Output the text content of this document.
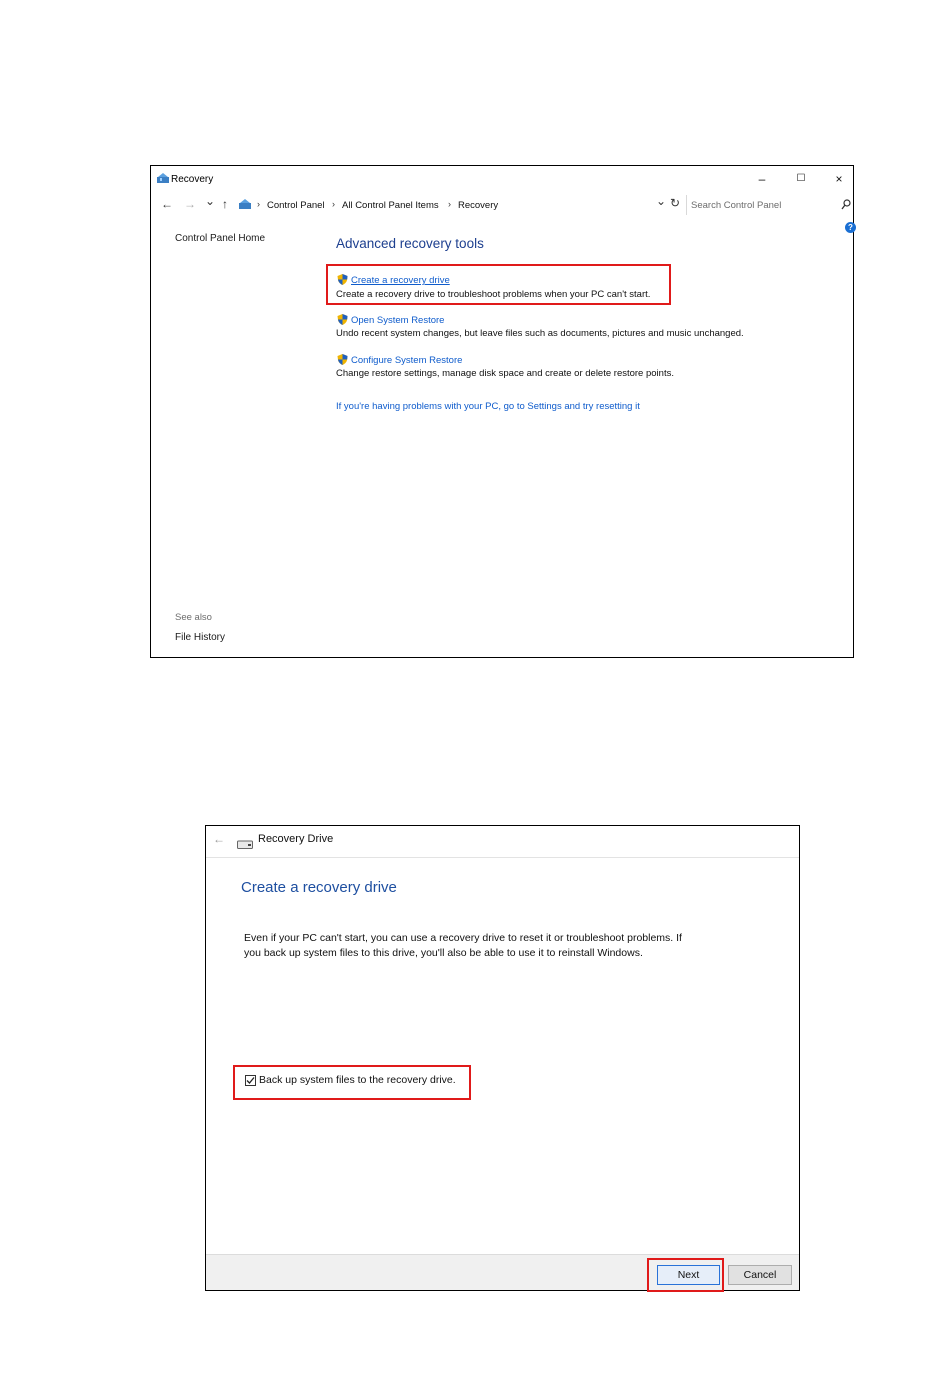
Recovery	–	☐	×
← → ⌄ ↑	› Control Panel › All Control Panel Items › Recovery	⌄ ↻ Search Control Panel
?
Control Panel Home
See also
File History
Advanced recovery tools
Create a recovery drive
Create a recovery drive to troubleshoot problems when your PC can't start.
Open System Restore
Undo recent system changes, but leave files such as documents, pictures and music unchanged.
Configure System Restore
Change restore settings, manage disk space and create or delete restore points.
If you're having problems with your PC, go to Settings and try resetting it
←	Recovery Drive
Create a recovery drive
Even if your PC can't start, you can use a recovery drive to reset it or troubleshoot problems. If
you back up system files to this drive, you'll also be able to use it to reinstall Windows.
Back up system files to the recovery drive.
Next	Cancel
